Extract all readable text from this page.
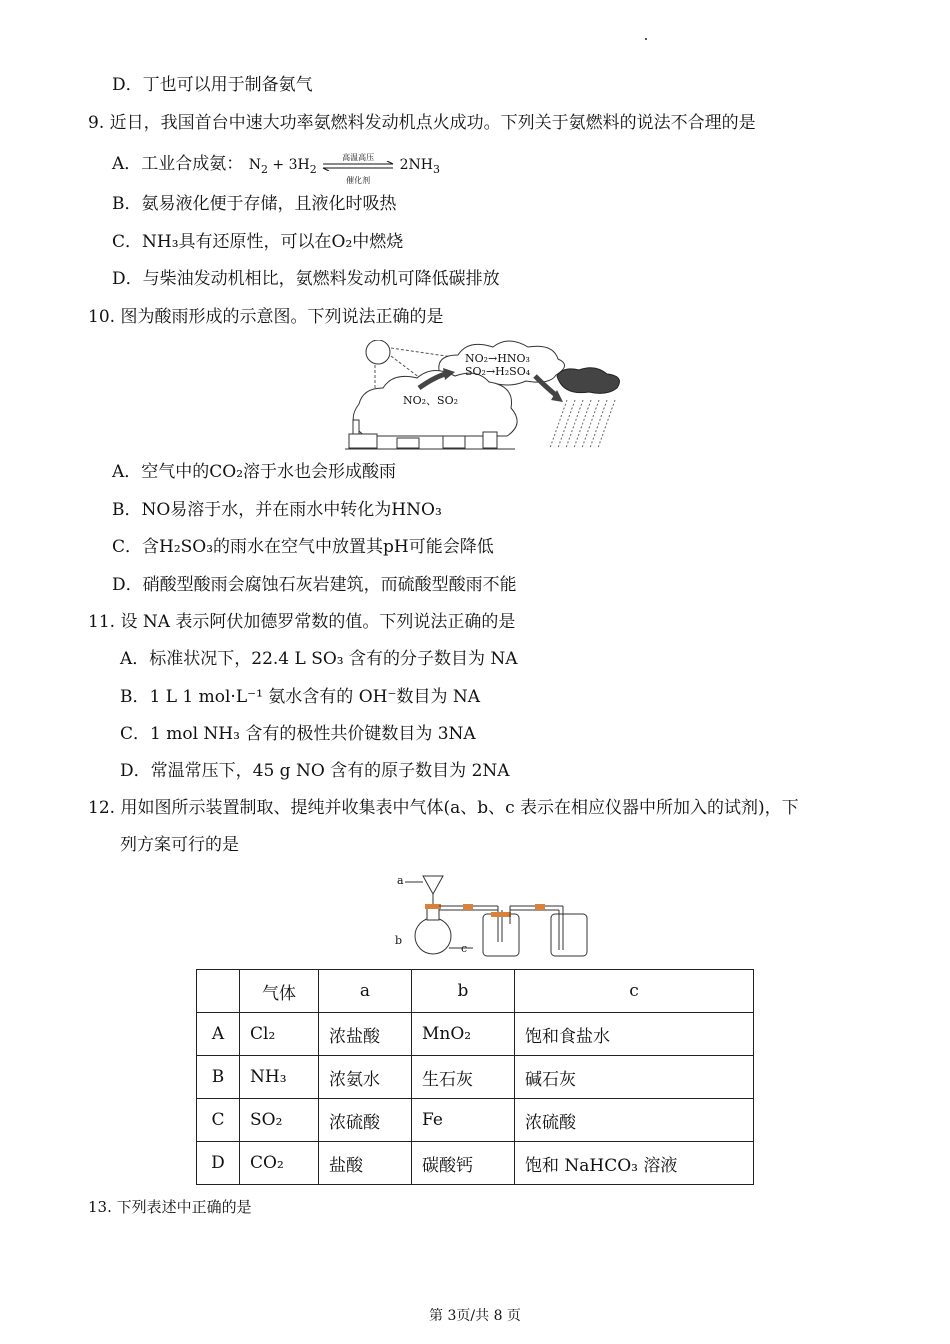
D．丁也可以用于制备氨气
9. 近日，我国首台中速大功率氨燃料发动机点火成功。下列关于氨燃料的说法不合理的是
A．工业合成氨： $N_2 + 3H_2$
高温高压
催化剂
$2NH_3$
B．氨易液化便于存储，且液化时吸热
C．NH₃具有还原性，可以在O₂中燃烧
D．与柴油发动机相比，氨燃料发动机可降低碳排放
10. 图为酸雨形成的示意图。下列说法正确的是
NO₂→HNO₃
SO₂→H₂SO₄
NO₂、SO₂
A．空气中的CO₂溶于水也会形成酸雨
B．NO易溶于水，并在雨水中转化为HNO₃
C．含H₂SO₃的雨水在空气中放置其pH可能会降低
D．硝酸型酸雨会腐蚀石灰岩建筑，而硫酸型酸雨不能
11. 设 NA 表示阿伏加德罗常数的值。下列说法正确的是
A．标准状况下，22.4 L SO₃ 含有的分子数目为 NA
B．1 L 1 mol·L⁻¹ 氨水含有的 OH⁻数目为 NA
C．1 mol NH₃ 含有的极性共价键数目为 3NA
D．常温常压下，45 g NO 含有的原子数目为 2NA
12. 用如图所示装置制取、提纯并收集表中气体(a、b、c 表示在相应仪器中所加入的试剂)，下
列方案可行的是
a
b
c
	气体	a	b	c
A	Cl₂	浓盐酸	MnO₂	饱和食盐水
B	NH₃	浓氨水	生石灰	碱石灰
C	SO₂	浓硫酸	Fe	浓硫酸
D	CO₂	盐酸	碳酸钙	饱和 NaHCO₃ 溶液
13. 下列表述中正确的是
第 3页/共 8 页
